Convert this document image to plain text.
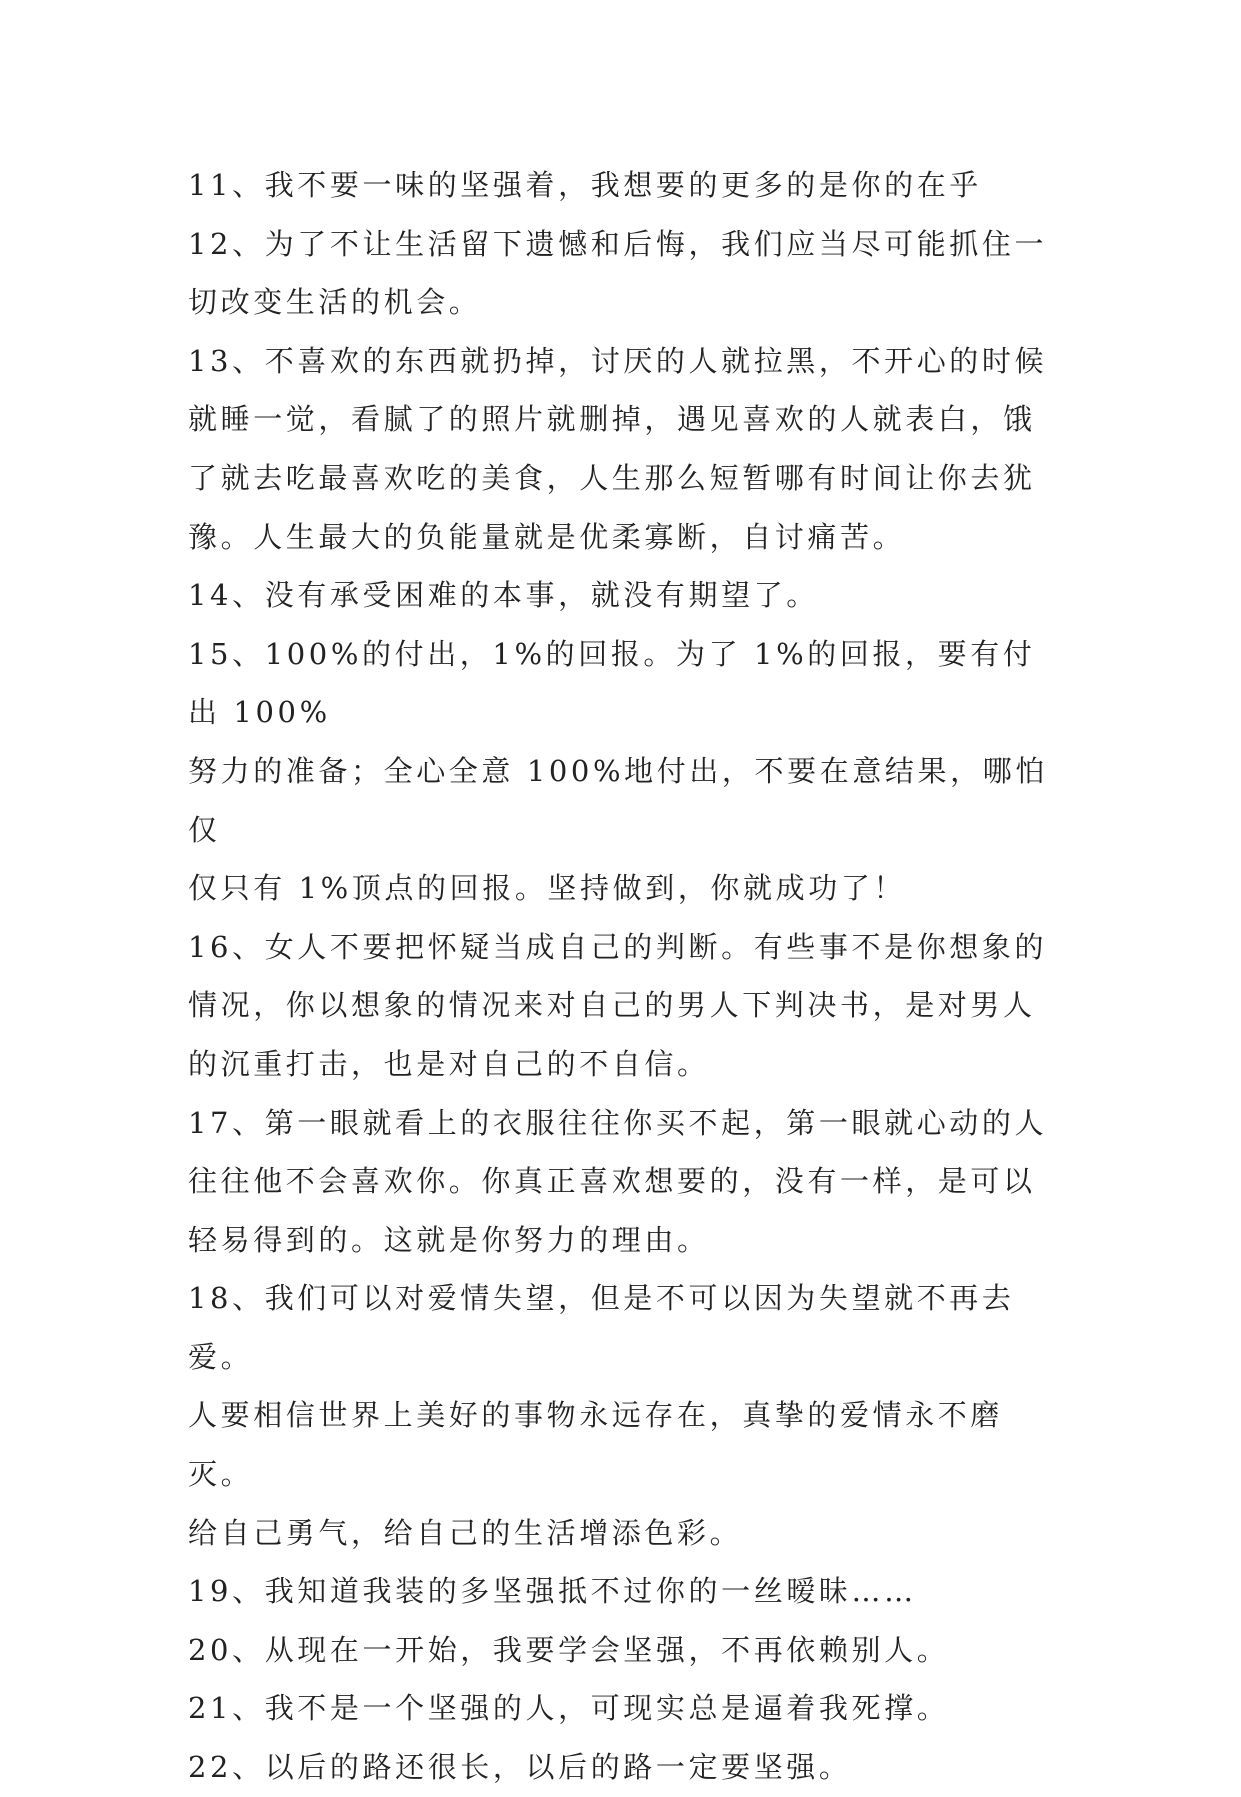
11、我不要一味的坚强着，我想要的更多的是你的在乎

12、为了不让生活留下遗憾和后悔，我们应当尽可能抓住一
切改变生活的机会。

13、不喜欢的东西就扔掉，讨厌的人就拉黑，不开心的时候
就睡一觉，看腻了的照片就删掉，遇见喜欢的人就表白，饿
了就去吃最喜欢吃的美食，人生那么短暂哪有时间让你去犹
豫。人生最大的负能量就是优柔寡断，自讨痛苦。

14、没有承受困难的本事，就没有期望了。

15、100%的付出，1%的回报。为了 1%的回报，要有付出 100%
努力的准备；全心全意 100%地付出，不要在意结果，哪怕仅
仅只有 1%顶点的回报。坚持做到，你就成功了！

16、女人不要把怀疑当成自己的判断。有些事不是你想象的
情况，你以想象的情况来对自己的男人下判决书，是对男人
的沉重打击，也是对自己的不自信。

17、第一眼就看上的衣服往往你买不起，第一眼就心动的人
往往他不会喜欢你。你真正喜欢想要的，没有一样，是可以
轻易得到的。这就是你努力的理由。

18、我们可以对爱情失望，但是不可以因为失望就不再去爱。
人要相信世界上美好的事物永远存在，真挚的爱情永不磨灭。
给自己勇气，给自己的生活增添色彩。

19、我知道我装的多坚强抵不过你的一丝暧昧……

20、从现在一开始，我要学会坚强，不再依赖别人。

21、我不是一个坚强的人，可现实总是逼着我死撑。

22、以后的路还很长，以后的路一定要坚强。
